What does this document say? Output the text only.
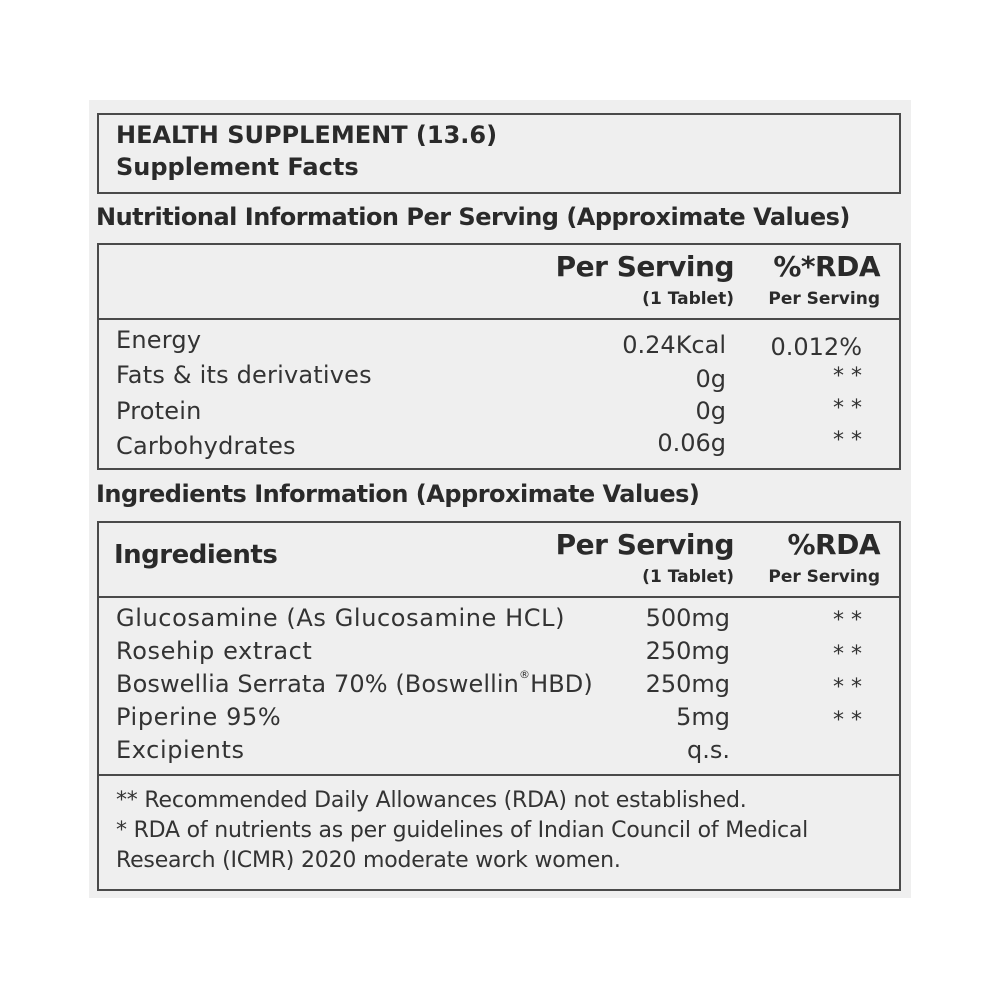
HEALTH SUPPLEMENT (13.6)
Supplement Facts
Nutritional Information Per Serving (Approximate Values)
Per Serving
(1 Tablet)
%*RDA
Per Serving
Energy	0.24Kcal 0.012%
Fats & its derivatives	0g	* *
Protein	0g	* *
Carbohydrates	0.06g	* *
Ingredients Information (Approximate Values)
Ingredients	Per Serving
(1 Tablet)
%RDA
Per Serving
Glucosamine (As Glucosamine HCL)	500mg	* *
Rosehip extract	250mg	* *
Boswellia Serrata 70% (Boswellin®HBD) 250mg	* *
Piperine 95%	5mg	* *
Excipients	q.s.
** Recommended Daily Allowances (RDA) not established.
* RDA of nutrients as per guidelines of Indian Council of Medical
Research (ICMR) 2020 moderate work women.
